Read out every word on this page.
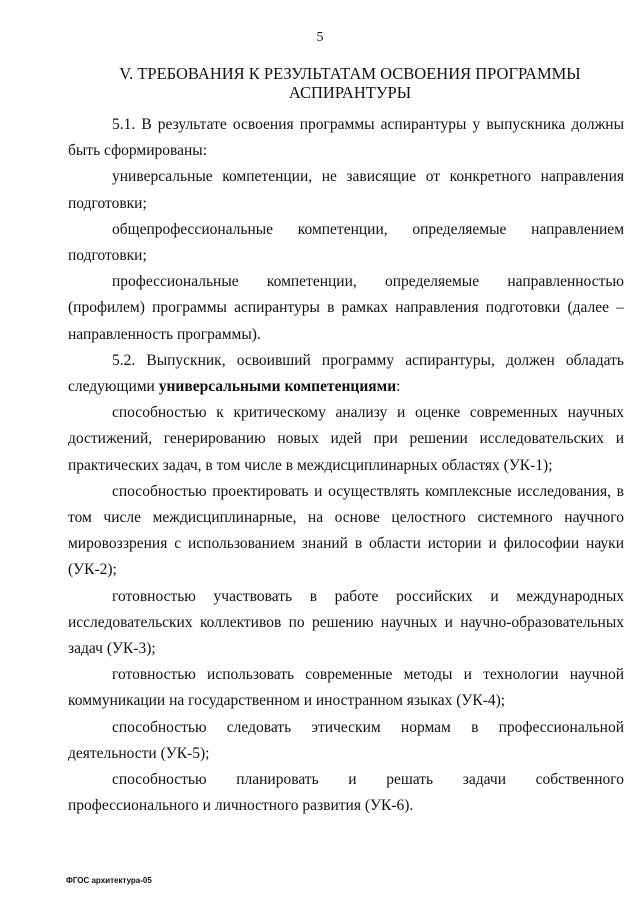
5
V. ТРЕБОВАНИЯ К РЕЗУЛЬТАТАМ ОСВОЕНИЯ ПРОГРАММЫ
АСПИРАНТУРЫ

5.1. В результате освоения программы аспирантуры у выпускника должны быть сформированы:

универсальные компетенции, не зависящие от конкретного направления подготовки;

общепрофессиональные компетенции, определяемые направлением подготовки;

профессиональные компетенции, определяемые направленностью (профилем) программы аспирантуры в рамках направления подготовки (далее – направленность программы).

5.2. Выпускник, освоивший программу аспирантуры, должен обладать следующими универсальными компетенциями:

способностью к критическому анализу и оценке современных научных достижений, генерированию новых идей при решении исследовательских и практических задач, в том числе в междисциплинарных областях (УК-1);

способностью проектировать и осуществлять комплексные исследования, в том числе междисциплинарные, на основе целостного системного научного мировоззрения с использованием знаний в области истории и философии науки (УК-2);

готовностью участвовать в работе российских и международных исследовательских коллективов по решению научных и научно-образовательных задач (УК-3);

готовностью использовать современные методы и технологии научной коммуникации на государственном и иностранном языках (УК-4);

способностью следовать этическим нормам в профессиональной деятельности (УК-5);

способностью планировать и решать задачи собственного профессионального и личностного развития (УК-6).

ФГОС архитектура-05
